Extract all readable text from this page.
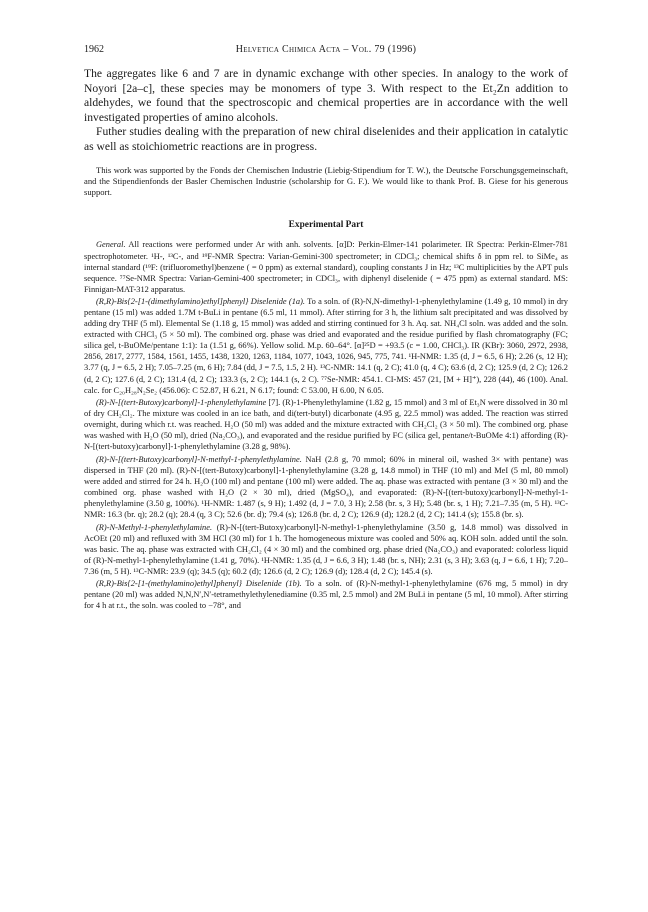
1962	Helvetica Chimica Acta – Vol. 79 (1996)

The aggregates like 6 and 7 are in dynamic exchange with other species. In analogy to the work of Noyori [2a–c], these species may be monomers of type 3. With respect to the Et₂Zn addition to aldehydes, we found that the spectroscopic and chemical properties are in accordance with the well investigated properties of amino alcohols.

Futher studies dealing with the preparation of new chiral diselenides and their application in catalytic as well as stoichiometric reactions are in progress.

This work was supported by the Fonds der Chemischen Industrie (Liebig-Stipendium for T. W.), the Deutsche Forschungsgemeinschaft, and the Stipendienfonds der Basler Chemischen Industrie (scholarship for G. F.). We would like to thank Prof. B. Giese for his generous support.

Experimental Part

General. All reactions were performed under Ar with anh. solvents. [α]D: Perkin-Elmer-141 polarimeter. IR Spectra: Perkin-Elmer-781 spectrophotometer. ¹H-, ¹³C-, and ¹⁹F-NMR Spectra: Varian-Gemini-300 spectrometer; in CDCl₃; chemical shifts δ in ppm rel. to SiMe₄ as internal standard (¹⁹F: (trifluoromethyl)benzene ( = 0 ppm) as external standard), coupling constants J in Hz; ¹³C multiplicities by the APT puls sequence. ⁷⁷Se-NMR Spectra: Varian-Gemini-400 spectrometer; in CDCl₃, with diphenyl diselenide ( = 475 ppm) as external standard. MS: Finnigan-MAT-312 apparatus.

(R,R)-Bis{2-[1-(dimethylamino)ethyl]phenyl} Diselenide (1a). To a soln. of (R)-N,N-dimethyl-1-phenylethylamine (1.49 g, 10 mmol) in dry pentane (15 ml) was added 1.7M t-BuLi in pentane (6.5 ml, 11 mmol). After stirring for 3 h, the lithium salt precipitated and was dissolved by adding dry THF (5 ml). Elemental Se (1.18 g, 15 mmol) was added and stirring continued for 3 h. Aq. sat. NH₄Cl soln. was added and the soln. extracted with CHCl₃ (5 × 50 ml). The combined org. phase was dried and evaporated and the residue purified by flash chromatography (FC; silica gel, t-BuOMe/pentane 1:1): 1a (1.51 g, 66%). Yellow solid. M.p. 60–64°. [α]²⁵D = +93.5 (c = 1.00, CHCl₃). IR (KBr): 3060, 2972, 2938, 2856, 2817, 2777, 1584, 1561, 1455, 1438, 1320, 1263, 1184, 1077, 1043, 1026, 945, 775, 741. ¹H-NMR: 1.35 (d, J = 6.5, 6 H); 2.26 (s, 12 H); 3.77 (q, J = 6.5, 2 H); 7.05–7.25 (m, 6 H); 7.84 (dd, J = 7.5, 1.5, 2 H). ¹³C-NMR: 14.1 (q, 2 C); 41.0 (q, 4 C); 63.6 (d, 2 C); 125.9 (d, 2 C); 126.2 (d, 2 C); 127.6 (d, 2 C); 131.4 (d, 2 C); 133.3 (s, 2 C); 144.1 (s, 2 C). ⁷⁷Se-NMR: 454.1. CI-MS: 457 (21, [M + H]⁺), 228 (44), 46 (100). Anal. calc. for C₂₀H₂₈N₂Se₂ (456.06): C 52.87, H 6.21, N 6.17; found: C 53.00, H 6.00, N 6.05.

(R)-N-[(tert-Butoxy)carbonyl]-1-phenylethylamine [7]. (R)-1-Phenylethylamine (1.82 g, 15 mmol) and 3 ml of Et₃N were dissolved in 30 ml of dry CH₂Cl₂. The mixture was cooled in an ice bath, and di(tert-butyl) dicarbonate (4.95 g, 22.5 mmol) was added. The reaction was stirred overnight, during which r.t. was reached. H₂O (50 ml) was added and the mixture extracted with CH₂Cl₂ (3 × 50 ml). The combined org. phase was washed with H₂O (50 ml), dried (Na₂CO₃), and evaporated and the residue purified by FC (silica gel, pentane/t-BuOMe 4:1) affording (R)-N-[(tert-butoxy)carbonyl]-1-phenylethylamine (3.28 g, 98%).

(R)-N-[(tert-Butoxy)carbonyl]-N-methyl-1-phenylethylamine. NaH (2.8 g, 70 mmol; 60% in mineral oil, washed 3× with pentane) was dispersed in THF (20 ml). (R)-N-[(tert-Butoxy)carbonyl]-1-phenylethylamine (3.28 g, 14.8 mmol) in THF (10 ml) and MeI (5 ml, 80 mmol) were added and stirred for 24 h. H₂O (100 ml) and pentane (100 ml) were added. The aq. phase was extracted with pentane (3 × 30 ml) and the combined org. phase washed with H₂O (2 × 30 ml), dried (MgSO₄), and evaporated: (R)-N-[(tert-butoxy)carbonyl]-N-methyl-1-phenylethylamine (3.50 g, 100%). ¹H-NMR: 1.487 (s, 9 H); 1.492 (d, J = 7.0, 3 H); 2.58 (br. s, 3 H); 5.48 (br. s, 1 H); 7.21–7.35 (m, 5 H). ¹³C-NMR: 16.3 (br. q); 28.2 (q); 28.4 (q, 3 C); 52.6 (br. d); 79.4 (s); 126.8 (br. d, 2 C); 126.9 (d); 128.2 (d, 2 C); 141.4 (s); 155.8 (br. s).

(R)-N-Methyl-1-phenylethylamine. (R)-N-[(tert-Butoxy)carbonyl]-N-methyl-1-phenylethylamine (3.50 g, 14.8 mmol) was dissolved in AcOEt (20 ml) and refluxed with 3M HCl (30 ml) for 1 h. The homogeneous mixture was cooled and 50% aq. KOH soln. added until the soln. was basic. The aq. phase was extracted with CH₂Cl₂ (4 × 30 ml) and the combined org. phase dried (Na₂CO₃) and evaporated: colorless liquid of (R)-N-methyl-1-phenylethylamine (1.41 g, 70%). ¹H-NMR: 1.35 (d, J = 6.6, 3 H); 1.48 (br. s, NH); 2.31 (s, 3 H); 3.63 (q, J = 6.6, 1 H); 7.20–7.36 (m, 5 H). ¹³C-NMR: 23.9 (q); 34.5 (q); 60.2 (d); 126.6 (d, 2 C); 126.9 (d); 128.4 (d, 2 C); 145.4 (s).

(R,R)-Bis{2-[1-(methylamino)ethyl]phenyl} Diselenide (1b). To a soln. of (R)-N-methyl-1-phenylethylamine (676 mg, 5 mmol) in dry pentane (20 ml) was added N,N,N′,N′-tetramethylethylenediamine (0.35 ml, 2.5 mmol) and 2M BuLi in pentane (5 ml, 10 mmol). After stirring for 4 h at r.t., the soln. was cooled to −78°, and
